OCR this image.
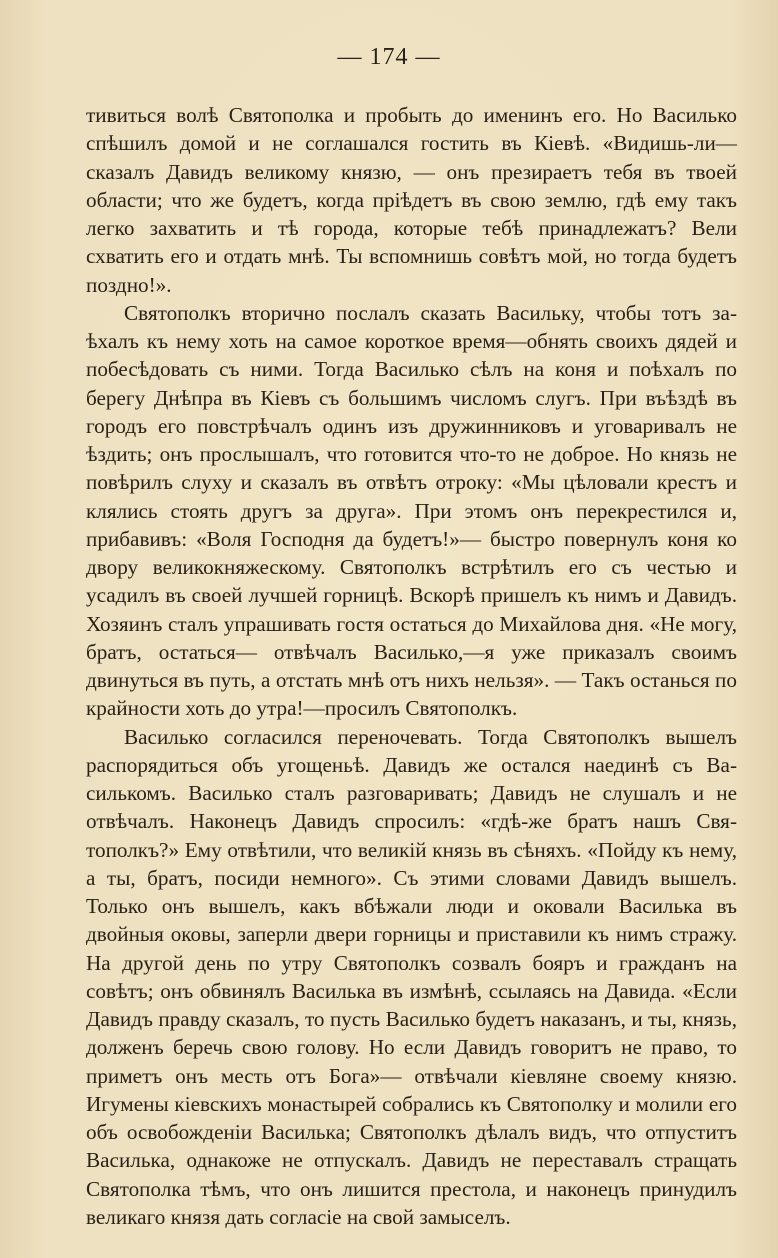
— 174 —

тивиться волѣ Святополка и пробыть до именинъ его. Но Василько спѣшилъ домой и не соглашался гостить въ Кіевѣ. «Видишь-ли— сказалъ Давидъ великому князю, — онъ презираетъ тебя въ твоей области; что же будетъ, когда пріѣдетъ въ свою землю, гдѣ ему такъ легко захватить и тѣ города, которые тебѣ принадлежатъ? Вели схватить его и отдать мнѣ. Ты вспомнишь совѣтъ мой, но тогда будетъ поздно!».

Святополкъ вторично послалъ сказать Васильку, чтобы тотъ заѣхалъ къ нему хоть на самое короткое время—обнять своихъ дядей и побесѣдовать съ ними. Тогда Василько сѣлъ на коня и поѣхалъ по берегу Днѣпра въ Кіевъ съ большимъ числомъ слугъ. При въѣздѣ въ городъ его повстрѣчалъ одинъ изъ дружинниковъ и уговаривалъ не ѣздить; онъ прослышалъ, что готовится что-то не доброе. Но князь не повѣрилъ слуху и сказалъ въ отвѣтъ отроку: «Мы цѣловали крестъ и клялись стоять другъ за друга». При этомъ онъ перекрестился и, прибавивъ: «Воля Господня да будетъ!»— быстро повернулъ коня ко двору великокняжескому. Святополкъ встрѣтилъ его съ честью и усадилъ въ своей лучшей горницѣ. Вскорѣ пришелъ къ нимъ и Давидъ. Хозяинъ сталъ упрашивать гостя остаться до Михайлова дня. «Не могу, братъ, остаться— отвѣчалъ Василько,—я уже приказалъ своимъ двинуться въ путь, а отстать мнѣ отъ нихъ нельзя». — Такъ останься по крайности хоть до утра!—просилъ Святополкъ.

Василько согласился переночевать. Тогда Святополкъ вышелъ распорядиться объ угощеньѣ. Давидъ же остался наединѣ съ Василькомъ. Василько сталъ разговаривать; Давидъ не слушалъ и не отвѣчалъ. Наконецъ Давидъ спросилъ: «гдѣ-же братъ нашъ Святополкъ?» Ему отвѣтили, что великій князь въ сѣняхъ. «Пойду къ нему, а ты, братъ, посиди немного». Съ этими словами Давидъ вышелъ. Только онъ вышелъ, какъ вбѣжали люди и оковали Василька въ двойныя оковы, заперли двери горницы и приставили къ нимъ стражу. На другой день по утру Святополкъ созвалъ бояръ и гражданъ на совѣтъ; онъ обвинялъ Василька въ измѣнѣ, ссылаясь на Давида. «Если Давидъ правду сказалъ, то пусть Василько будетъ наказанъ, и ты, князь, долженъ беречь свою голову. Но если Давидъ говоритъ не право, то приметъ онъ месть отъ Бога»— отвѣчали кіевляне своему князю. Игумены кіевскихъ монастырей собрались къ Святополку и молили его объ освобожденіи Василька; Святополкъ дѣлалъ видъ, что отпуститъ Василька, однакоже не отпускалъ. Давидъ не переставалъ стращать Святополка тѣмъ, что онъ лишится престола, и наконецъ принудилъ великаго князя дать согласіе на свой замыселъ.
